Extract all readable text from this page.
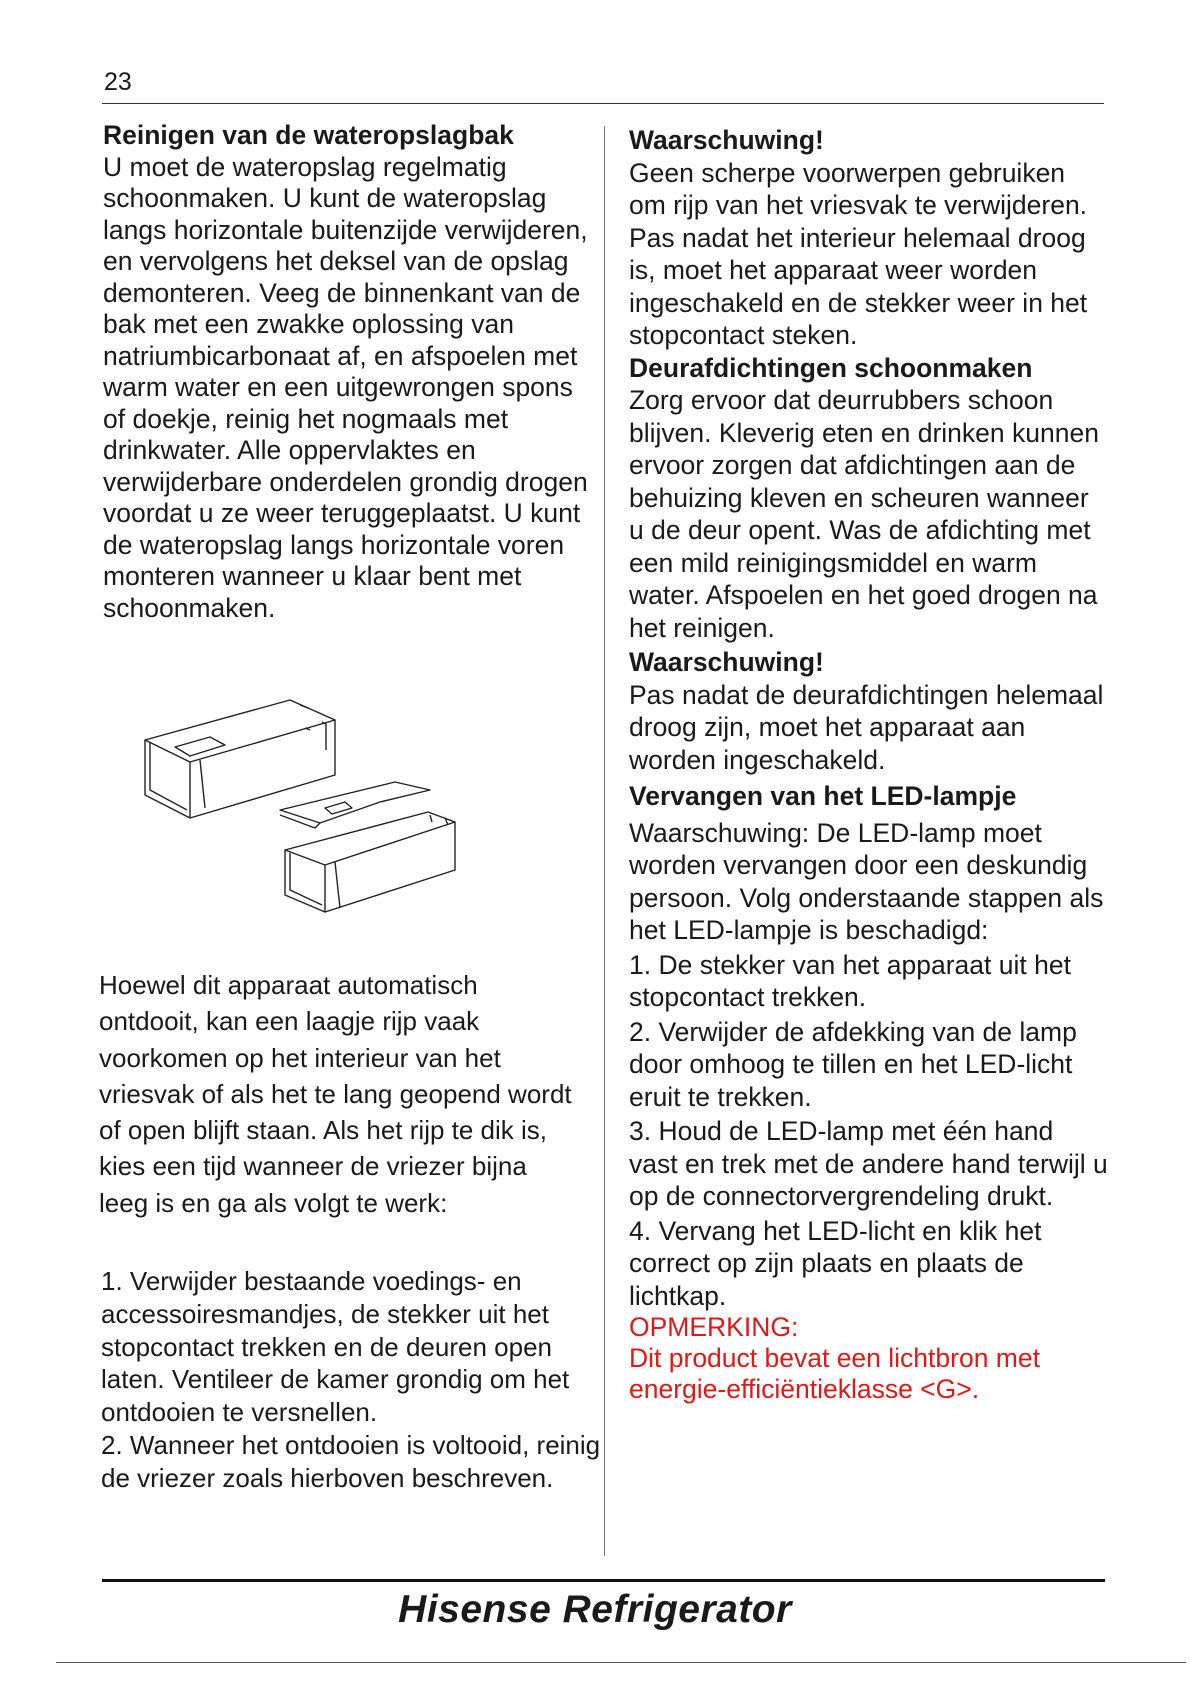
23
Reinigen van de wateropslagbak

U moet de wateropslag regelmatig schoonmaken. U kunt de wateropslag langs horizontale buitenzijde verwijderen, en vervolgens het deksel van de opslag demonteren. Veeg de binnenkant van de bak met een zwakke oplossing van natriumbicarbonaat af, en afspoelen met warm water en een uitgewrongen spons of doekje, reinig het nogmaals met drinkwater. Alle oppervlaktes en verwijderbare onderdelen grondig drogen voordat u ze weer teruggeplaatst. U kunt de wateropslag langs horizontale voren monteren wanneer u klaar bent met schoonmaken.

Hoewel dit apparaat automatisch ontdooit, kan een laagje rijp vaak voorkomen op het interieur van het vriesvak of als het te lang geopend wordt of open blijft staan. Als het rijp te dik is, kies een tijd wanneer de vriezer bijna leeg is en ga als volgt te werk:

1. Verwijder bestaande voedings- en accessoiresmandjes, de stekker uit het stopcontact trekken en de deuren open laten. Ventileer de kamer grondig om het ontdooien te versnellen.

2. Wanneer het ontdooien is voltooid, reinig de vriezer zoals hierboven beschreven.

Waarschuwing!

Geen scherpe voorwerpen gebruiken om rijp van het vriesvak te verwijderen. Pas nadat het interieur helemaal droog is, moet het apparaat weer worden ingeschakeld en de stekker weer in het stopcontact steken.

Deurafdichtingen schoonmaken

Zorg ervoor dat deurrubbers schoon blijven. Kleverig eten en drinken kunnen ervoor zorgen dat afdichtingen aan de behuizing kleven en scheuren wanneer u de deur opent. Was de afdichting met een mild reinigingsmiddel en warm water. Afspoelen en het goed drogen na het reinigen.

Waarschuwing!

Pas nadat de deurafdichtingen helemaal droog zijn, moet het apparaat aan worden ingeschakeld.

Vervangen van het LED-lampje

Waarschuwing: De LED-lamp moet worden vervangen door een deskundig persoon. Volg onderstaande stappen als het LED-lampje is beschadigd:

1. De stekker van het apparaat uit het stopcontact trekken.

2. Verwijder de afdekking van de lamp door omhoog te tillen en het LED-licht eruit te trekken.

3. Houd de LED-lamp met één hand vast en trek met de andere hand terwijl u op de connectorvergrendeling drukt.

4. Vervang het LED-licht en klik het correct op zijn plaats en plaats de lichtkap.

OPMERKING:

Dit product bevat een lichtbron met energie-efficiëntieklasse <G>.

Hisense Refrigerator
